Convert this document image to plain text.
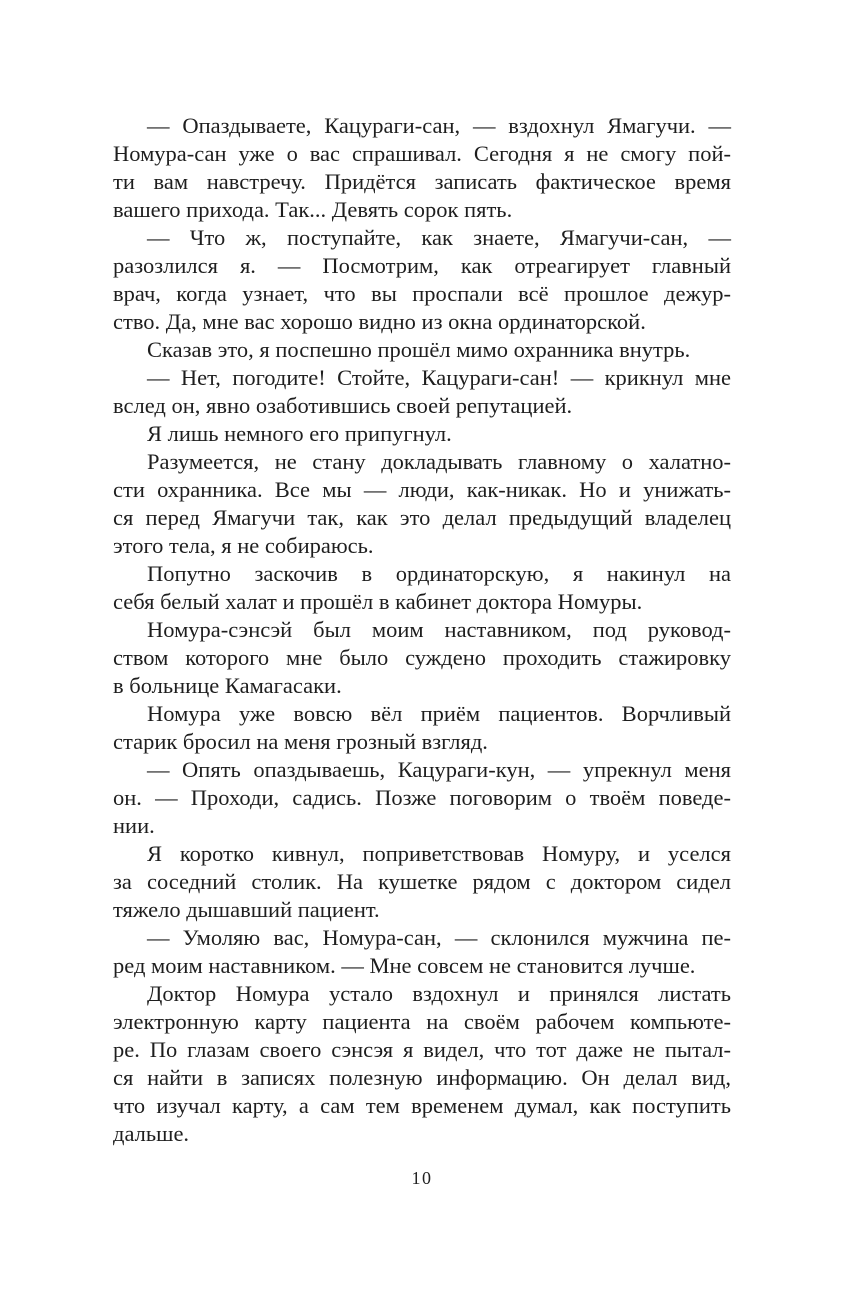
— Опаздываете, Кацураги-сан, — вздохнул Ямагучи. —
Номура-сан уже о вас спрашивал. Сегодня я не смогу пой-
ти вам навстречу. Придётся записать фактическое время
вашего прихода. Так... Девять сорок пять.

— Что ж, поступайте, как знаете, Ямагучи-сан, —
разозлился я. — Посмотрим, как отреагирует главный
врач, когда узнает, что вы проспали всё прошлое дежур-
ство. Да, мне вас хорошо видно из окна ординаторской.

Сказав это, я поспешно прошёл мимо охранника внутрь.

— Нет, погодите! Стойте, Кацураги-сан! — крикнул мне
вслед он, явно озаботившись своей репутацией.

Я лишь немного его припугнул.

Разумеется, не стану докладывать главному о халатно-
сти охранника. Все мы — люди, как-никак. Но и унижать-
ся перед Ямагучи так, как это делал предыдущий владелец
этого тела, я не собираюсь.

Попутно заскочив в ординаторскую, я накинул на
себя белый халат и прошёл в кабинет доктора Номуры.

Номура-сэнсэй был моим наставником, под руковод-
ством которого мне было суждено проходить стажировку
в больнице Камагасаки.

Номура уже вовсю вёл приём пациентов. Ворчливый
старик бросил на меня грозный взгляд.

— Опять опаздываешь, Кацураги-кун, — упрекнул меня
он. — Проходи, садись. Позже поговорим о твоём поведе-
нии.

Я коротко кивнул, поприветствовав Номуру, и уселся
за соседний столик. На кушетке рядом с доктором сидел
тяжело дышавший пациент.

— Умоляю вас, Номура-сан, — склонился мужчина пе-
ред моим наставником. — Мне совсем не становится лучше.

Доктор Номура устало вздохнул и принялся листать
электронную карту пациента на своём рабочем компьюте-
ре. По глазам своего сэнсэя я видел, что тот даже не пытал-
ся найти в записях полезную информацию. Он делал вид,
что изучал карту, а сам тем временем думал, как поступить
дальше.

10
